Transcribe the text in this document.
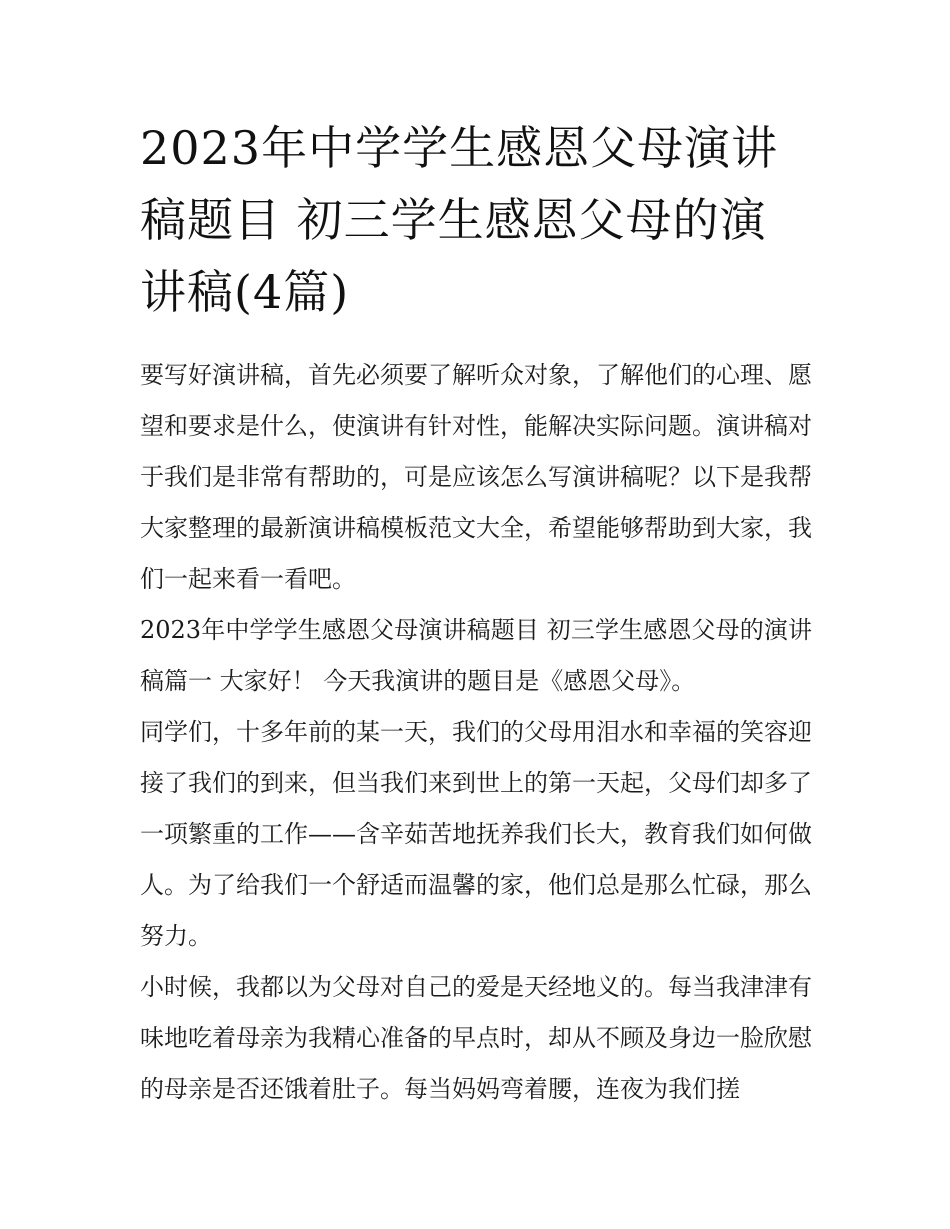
2023年中学学生感恩父母演讲稿题目 初三学生感恩父母的演讲稿(4篇)

要写好演讲稿，首先必须要了解听众对象，了解他们的心理、愿望和要求是什么，使演讲有针对性，能解决实际问题。演讲稿对于我们是非常有帮助的，可是应该怎么写演讲稿呢？以下是我帮大家整理的最新演讲稿模板范文大全，希望能够帮助到大家，我们一起来看一看吧。

2023年中学学生感恩父母演讲稿题目 初三学生感恩父母的演讲稿篇一 大家好！ 今天我演讲的题目是《感恩父母》。

同学们，十多年前的某一天，我们的父母用泪水和幸福的笑容迎接了我们的到来，但当我们来到世上的第一天起，父母们却多了一项繁重的工作——含辛茹苦地抚养我们长大，教育我们如何做人。为了给我们一个舒适而温馨的家，他们总是那么忙碌，那么努力。

小时候，我都以为父母对自己的爱是天经地义的。每当我津津有味地吃着母亲为我精心准备的早点时，却从不顾及身边一脸欣慰的母亲是否还饿着肚子。每当妈妈弯着腰，连夜为我们搓
